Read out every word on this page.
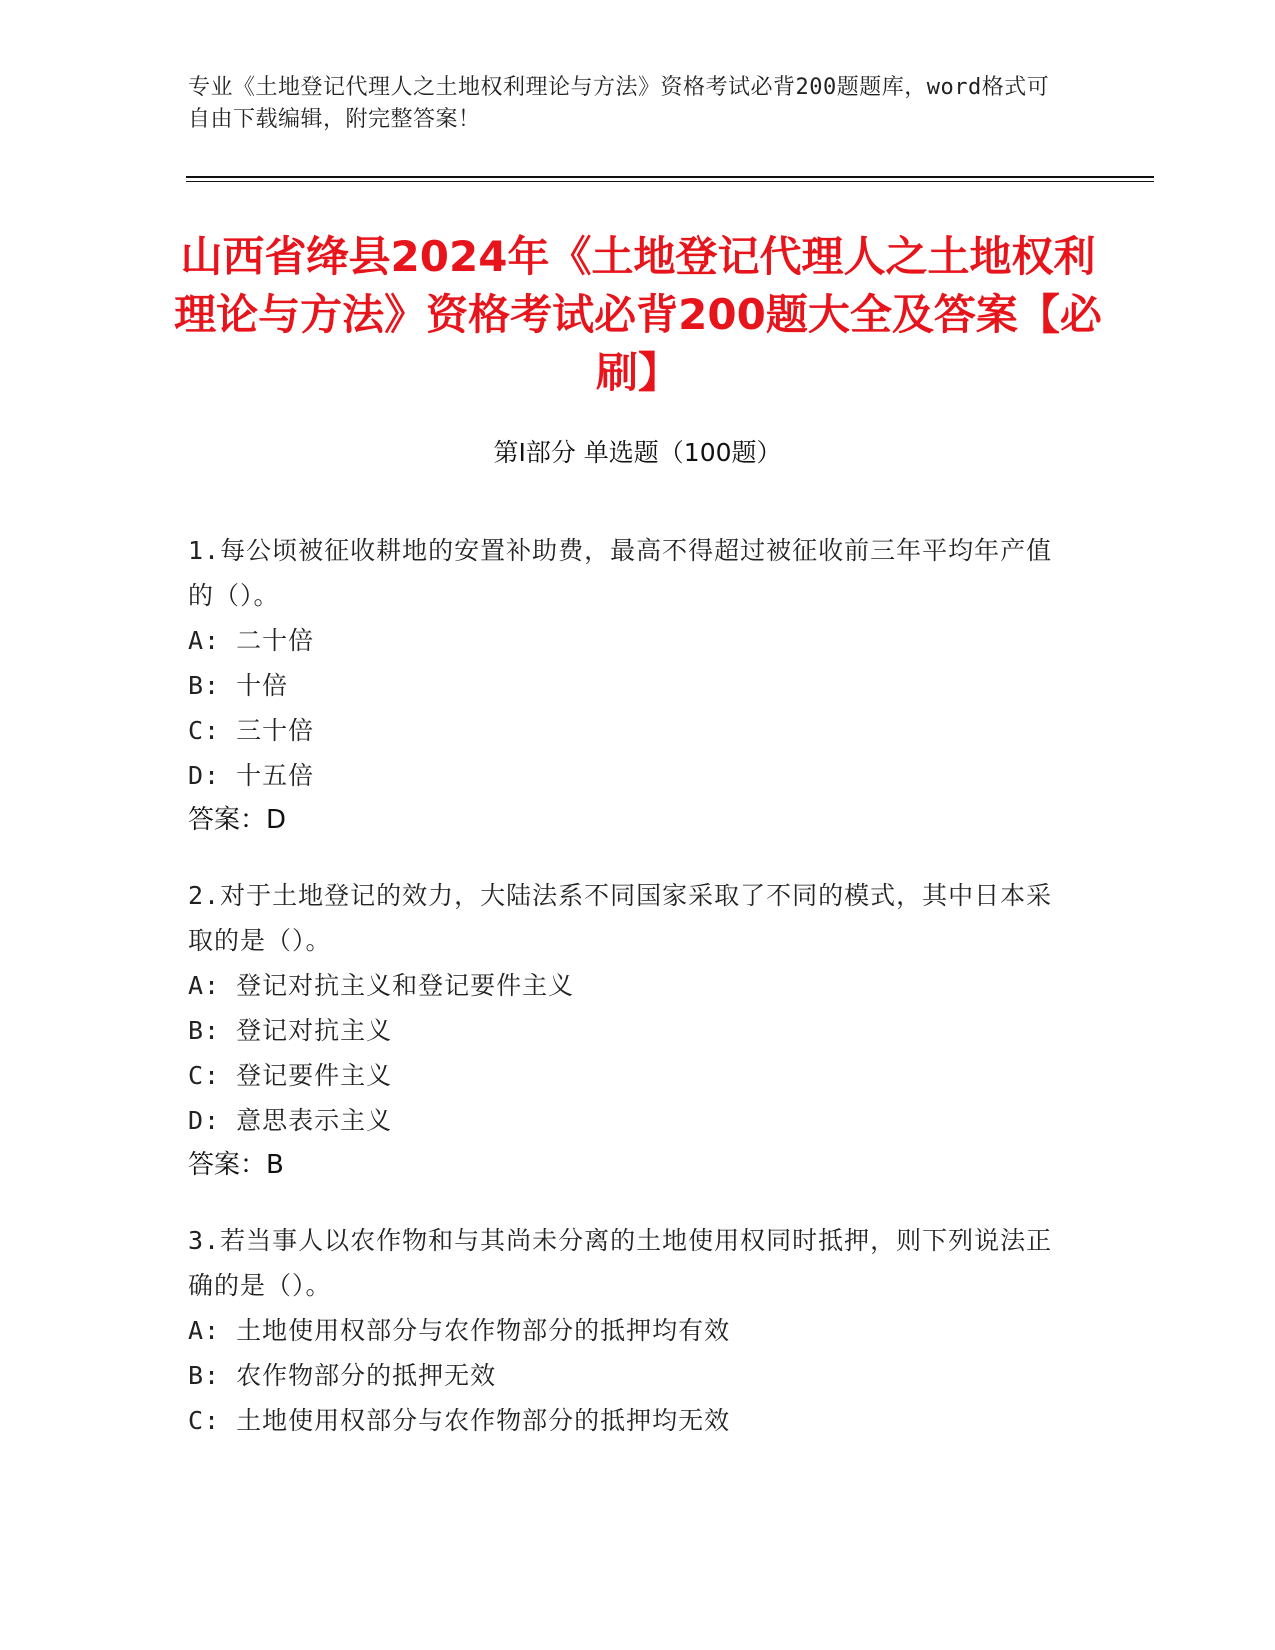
专业《土地登记代理人之土地权利理论与方法》资格考试必背200题题库，word格式可自由下载编辑，附完整答案！
山西省绛县2024年《土地登记代理人之土地权利理论与方法》资格考试必背200题大全及答案【必刷】
第Ⅰ部分 单选题（100题）
1.每公顷被征收耕地的安置补助费，最高不得超过被征收前三年平均年产值的（）。
A: 二十倍
B: 十倍
C: 三十倍
D: 十五倍
答案：D
2.对于土地登记的效力，大陆法系不同国家采取了不同的模式，其中日本采取的是（）。
A: 登记对抗主义和登记要件主义
B: 登记对抗主义
C: 登记要件主义
D: 意思表示主义
答案：B
3.若当事人以农作物和与其尚未分离的土地使用权同时抵押，则下列说法正确的是（）。
A: 土地使用权部分与农作物部分的抵押均有效
B: 农作物部分的抵押无效
C: 土地使用权部分与农作物部分的抵押均无效
